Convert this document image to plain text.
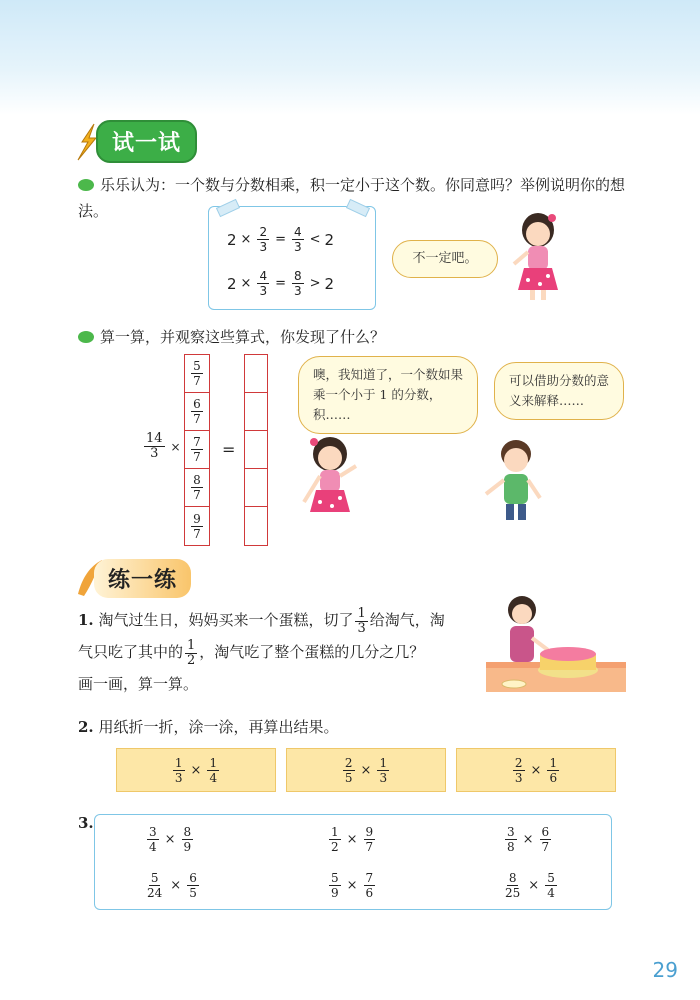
试一试
乐乐认为：一个数与分数相乘，积一定小于这个数。你同意吗？举例说明你的想法。
$2 \times \frac{2}{3} = \frac{4}{3} < 2$
$2 \times \frac{4}{3} = \frac{8}{3} > 2$
不一定吧。
算一算，并观察这些算式，你发现了什么？
$\frac{14}{3}$ ×
$\frac{5}{7}$
$\frac{6}{7}$
$\frac{7}{7}$
$\frac{8}{7}$
$\frac{9}{7}$
=
噢，我知道了，一个数如果乘一个小于 1 的分数，积……
可以借助分数的意义来解释……
练一练
1. 淘气过生日，妈妈买来一个蛋糕，切了 $\frac{1}{3}$ 给淘气，淘
气只吃了其中的 $\frac{1}{2}$ ，淘气吃了整个蛋糕的几分之几？
画一画，算一算。
2. 用纸折一折，涂一涂，再算出结果。
$\frac{1}{3} \times \frac{1}{4}$	$\frac{2}{5} \times \frac{1}{3}$	$\frac{2}{3} \times \frac{1}{6}$
3.
$\frac{3}{4} \times \frac{8}{9}$	$\frac{1}{2} \times \frac{9}{7}$	$\frac{3}{8} \times \frac{6}{7}$
$\frac{5}{24} \times \frac{6}{5}$	$\frac{5}{9} \times \frac{7}{6}$	$\frac{8}{25} \times \frac{5}{4}$
29
